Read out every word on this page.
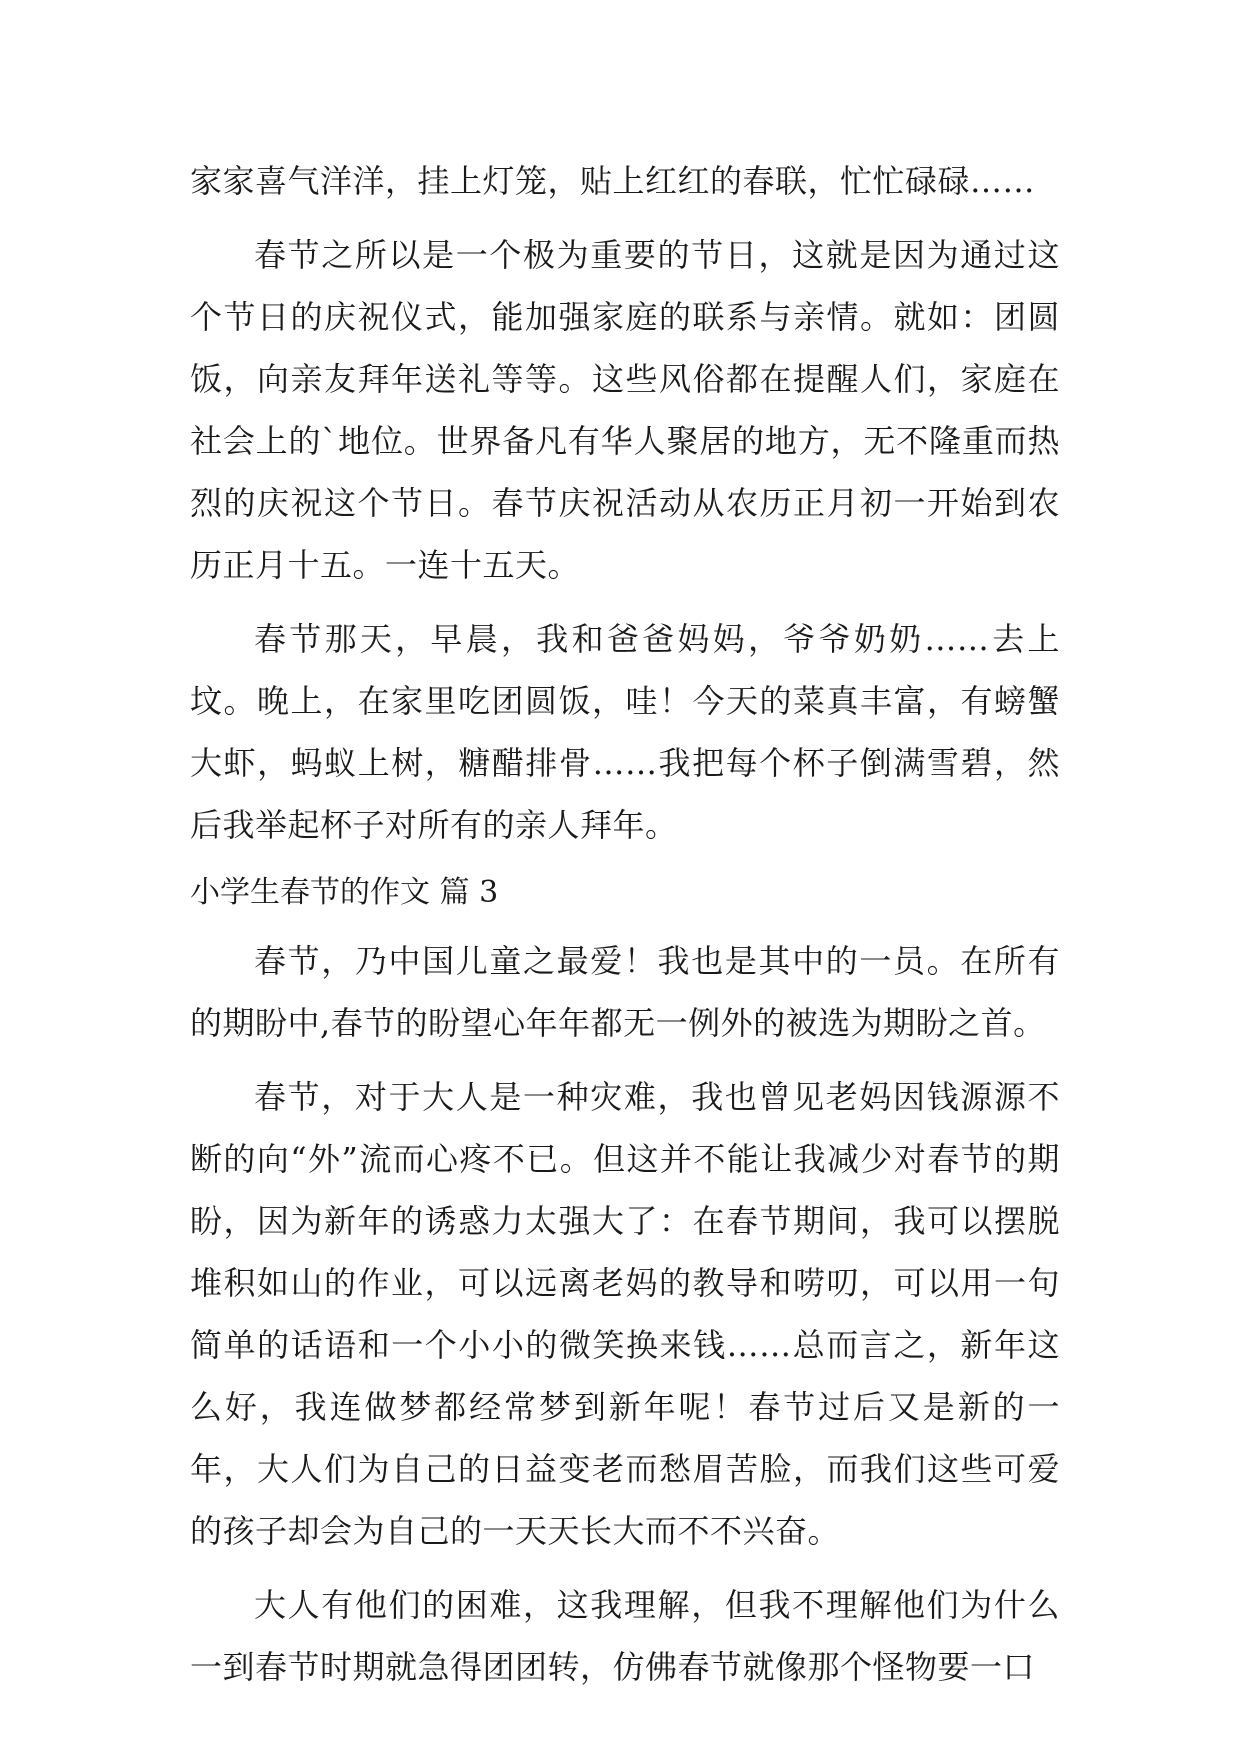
家家喜气洋洋，挂上灯笼，贴上红红的春联，忙忙碌碌……

春节之所以是一个极为重要的节日，这就是因为通过这个节日的庆祝仪式，能加强家庭的联系与亲情。就如：团圆饭，向亲友拜年送礼等等。这些风俗都在提醒人们，家庭在社会上的`地位。世界备凡有华人聚居的地方，无不隆重而热烈的庆祝这个节日。春节庆祝活动从农历正月初一开始到农历正月十五。一连十五天。

春节那天，早晨，我和爸爸妈妈，爷爷奶奶……去上坟。晚上，在家里吃团圆饭，哇！今天的菜真丰富，有螃蟹大虾，蚂蚁上树，糖醋排骨……我把每个杯子倒满雪碧，然后我举起杯子对所有的亲人拜年。

小学生春节的作文 篇 3

春节，乃中国儿童之最爱！我也是其中的一员。在所有的期盼中,春节的盼望心年年都无一例外的被选为期盼之首。

春节，对于大人是一种灾难，我也曾见老妈因钱源源不断的向“外”流而心疼不已。但这并不能让我减少对春节的期盼，因为新年的诱惑力太强大了：在春节期间，我可以摆脱堆积如山的作业，可以远离老妈的教导和唠叨，可以用一句简单的话语和一个小小的微笑换来钱……总而言之，新年这么好，我连做梦都经常梦到新年呢！春节过后又是新的一年，大人们为自己的日益变老而愁眉苦脸，而我们这些可爱的孩子却会为自己的一天天长大而不不兴奋。

大人有他们的困难，这我理解，但我不理解他们为什么一到春节时期就急得团团转，仿佛春节就像那个怪物要一口
